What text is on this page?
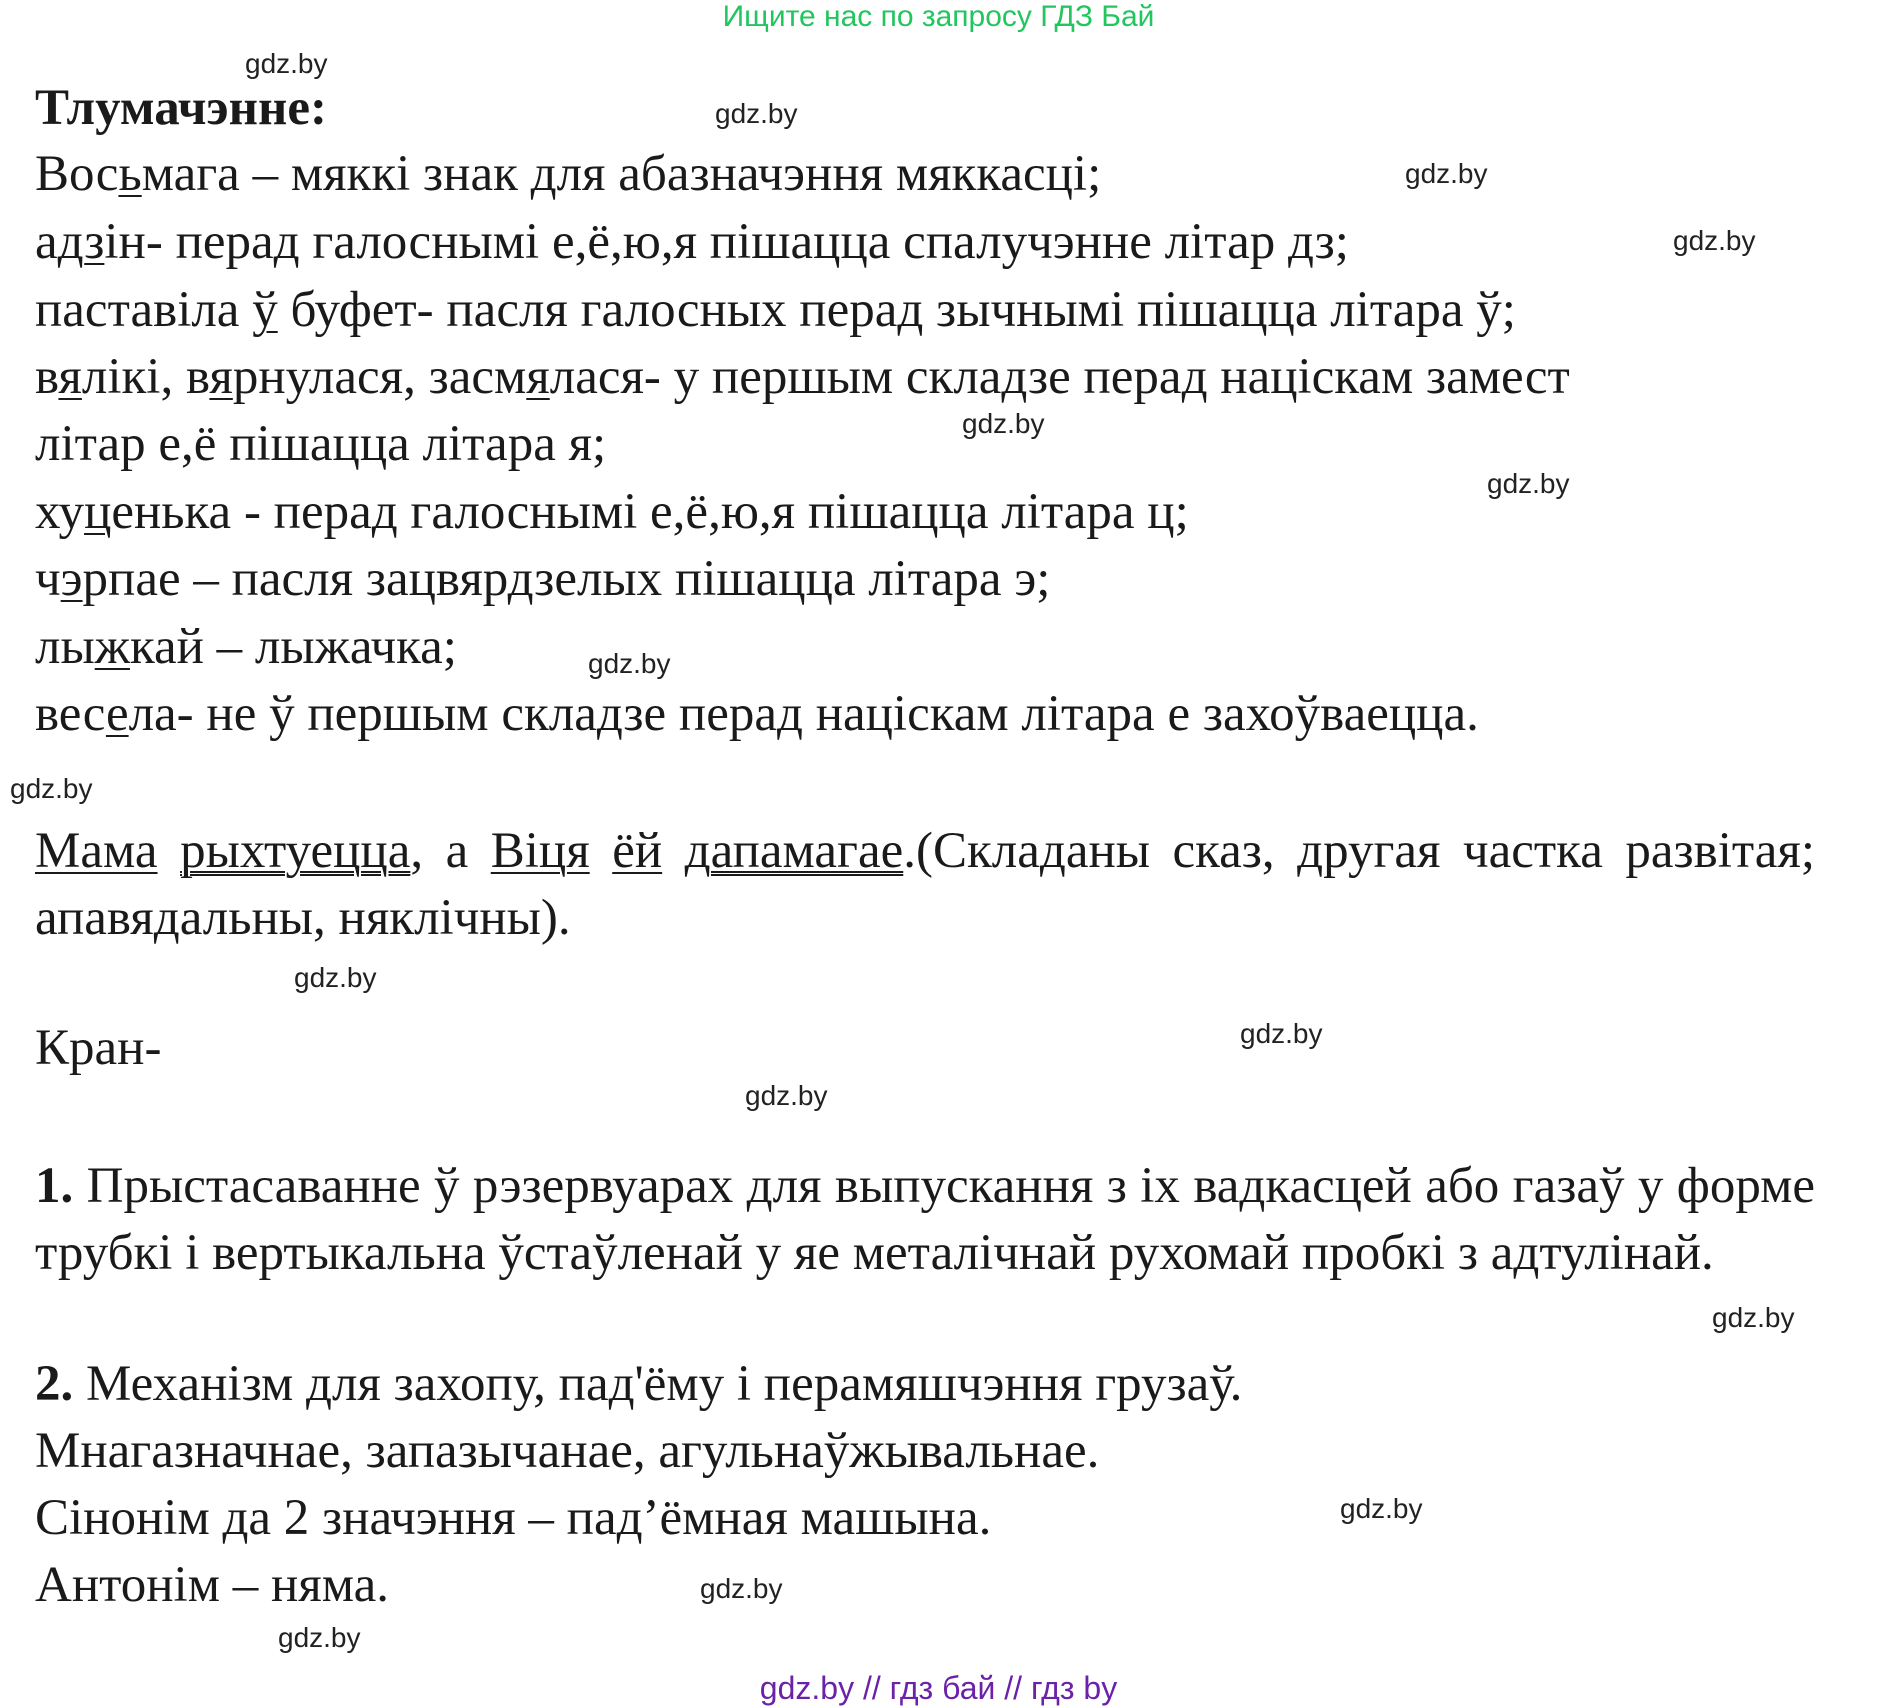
Ищите нас по запросу ГДЗ Бай
gdz.by
gdz.by
gdz.by
gdz.by
gdz.by
gdz.by
gdz.by
gdz.by
gdz.by
gdz.by
gdz.by
gdz.by
gdz.by
gdz.by
gdz.by
Тлумачэнне:
Восьмага – мяккі знак для абазначэння мяккасці;
адзін- перад галоснымі е,ё,ю,я пішацца спалучэнне літар дз;
паставіла ў буфет- пасля галосных перад зычнымі пішацца літара ў;
вялікі, вярнулася, засмялася- у першым складзе перад націскам замест
літар е,ё пішацца літара я;
хуценька - перад галоснымі е,ё,ю,я пішацца літара ц;
чэрпае – пасля зацвярдзелых пішацца літара э;
лыжкай – лыжачка;
весела- не ў першым складзе перад націскам літара е захоўваецца.
Мама рыхтуецца, а Віця ёй дапамагае.(Складаны сказ, другая частка развітая; апавядальны, няклічны).
Кран-
1. Прыстасаванне ў рэзервуарах для выпускання з іх вадкасцей або газаў у форме трубкі і вертыкальна ўстаўленай у яе металічнай рухомай пробкі з адтулінай.
2. Механізм для захопу, пад'ёму і перамяшчэння грузаў.
Мнагазначнае, запазычанае, агульнаўжывальнае.
Сінонім да 2 значэння – пад’ёмная машына.
Антонім – няма.
gdz.by // гдз бай // гдз by
